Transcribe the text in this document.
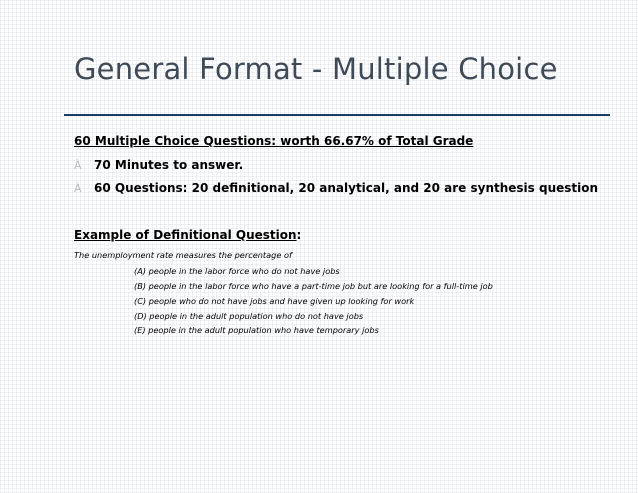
General Format - Multiple Choice
60 Multiple Choice Questions: worth 66.67% of Total Grade
À 70 Minutes to answer.
À 60 Questions: 20 definitional, 20 analytical, and 20 are synthesis question
Example of Definitional Question:
The unemployment rate measures the percentage of
(A) people in the labor force who do not have jobs
(B) people in the labor force who have a part-time job but are looking for a full-time job
(C) people who do not have jobs and have given up looking for work
(D) people in the adult population who do not have jobs
(E) people in the adult population who have temporary jobs
